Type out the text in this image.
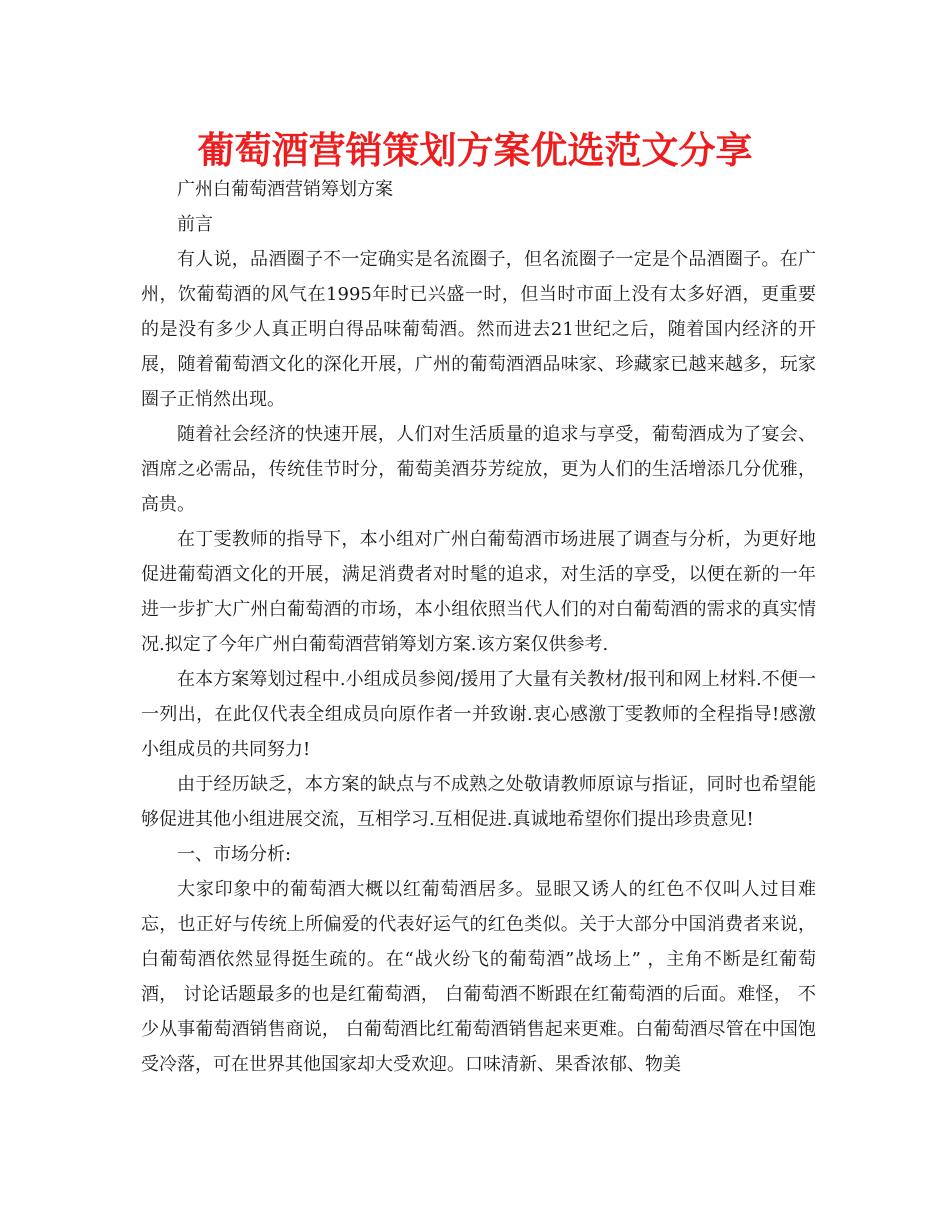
葡萄酒营销策划方案优选范文分享

广州白葡萄酒营销筹划方案

前言

有人说，品酒圈子不一定确实是名流圈子，但名流圈子一定是个品酒圈子。在广州，饮葡萄酒的风气在1995年时已兴盛一时，但当时市面上没有太多好酒，更重要的是没有多少人真正明白得品味葡萄酒。然而进去21世纪之后，随着国内经济的开展，随着葡萄酒文化的深化开展，广州的葡萄酒酒品味家、珍藏家已越来越多，玩家圈子正悄然出现。

随着社会经济的快速开展，人们对生活质量的追求与享受，葡萄酒成为了宴会、酒席之必需品，传统佳节时分，葡萄美酒芬芳绽放，更为人们的生活增添几分优雅，高贵。

在丁雯教师的指导下，本小组对广州白葡萄酒市场进展了调查与分析，为更好地促进葡萄酒文化的开展，满足消费者对时髦的追求，对生活的享受，以便在新的一年进一步扩大广州白葡萄酒的市场，本小组依照当代人们的对白葡萄酒的需求的真实情况.拟定了今年广州白葡萄酒营销筹划方案.该方案仅供参考.

在本方案筹划过程中.小组成员参阅/援用了大量有关教材/报刊和网上材料.不便一一列出，在此仅代表全组成员向原作者一并致谢.衷心感激丁雯教师的全程指导!感激小组成员的共同努力!

由于经历缺乏，本方案的缺点与不成熟之处敬请教师原谅与指证，同时也希望能够促进其他小组进展交流，互相学习.互相促进.真诚地希望你们提出珍贵意见!

一、市场分析:

大家印象中的葡萄酒大概以红葡萄酒居多。显眼又诱人的红色不仅叫人过目难忘，也正好与传统上所偏爱的代表好运气的红色类似。关于大部分中国消费者来说，白葡萄酒依然显得挺生疏的。在“战火纷飞的葡萄酒”战场上” ，主角不断是红葡萄酒， 讨论话题最多的也是红葡萄酒， 白葡萄酒不断跟在红葡萄酒的后面。难怪， 不少从事葡萄酒销售商说， 白葡萄酒比红葡萄酒销售起来更难。白葡萄酒尽管在中国饱受冷落，可在世界其他国家却大受欢迎。口味清新、果香浓郁、物美
